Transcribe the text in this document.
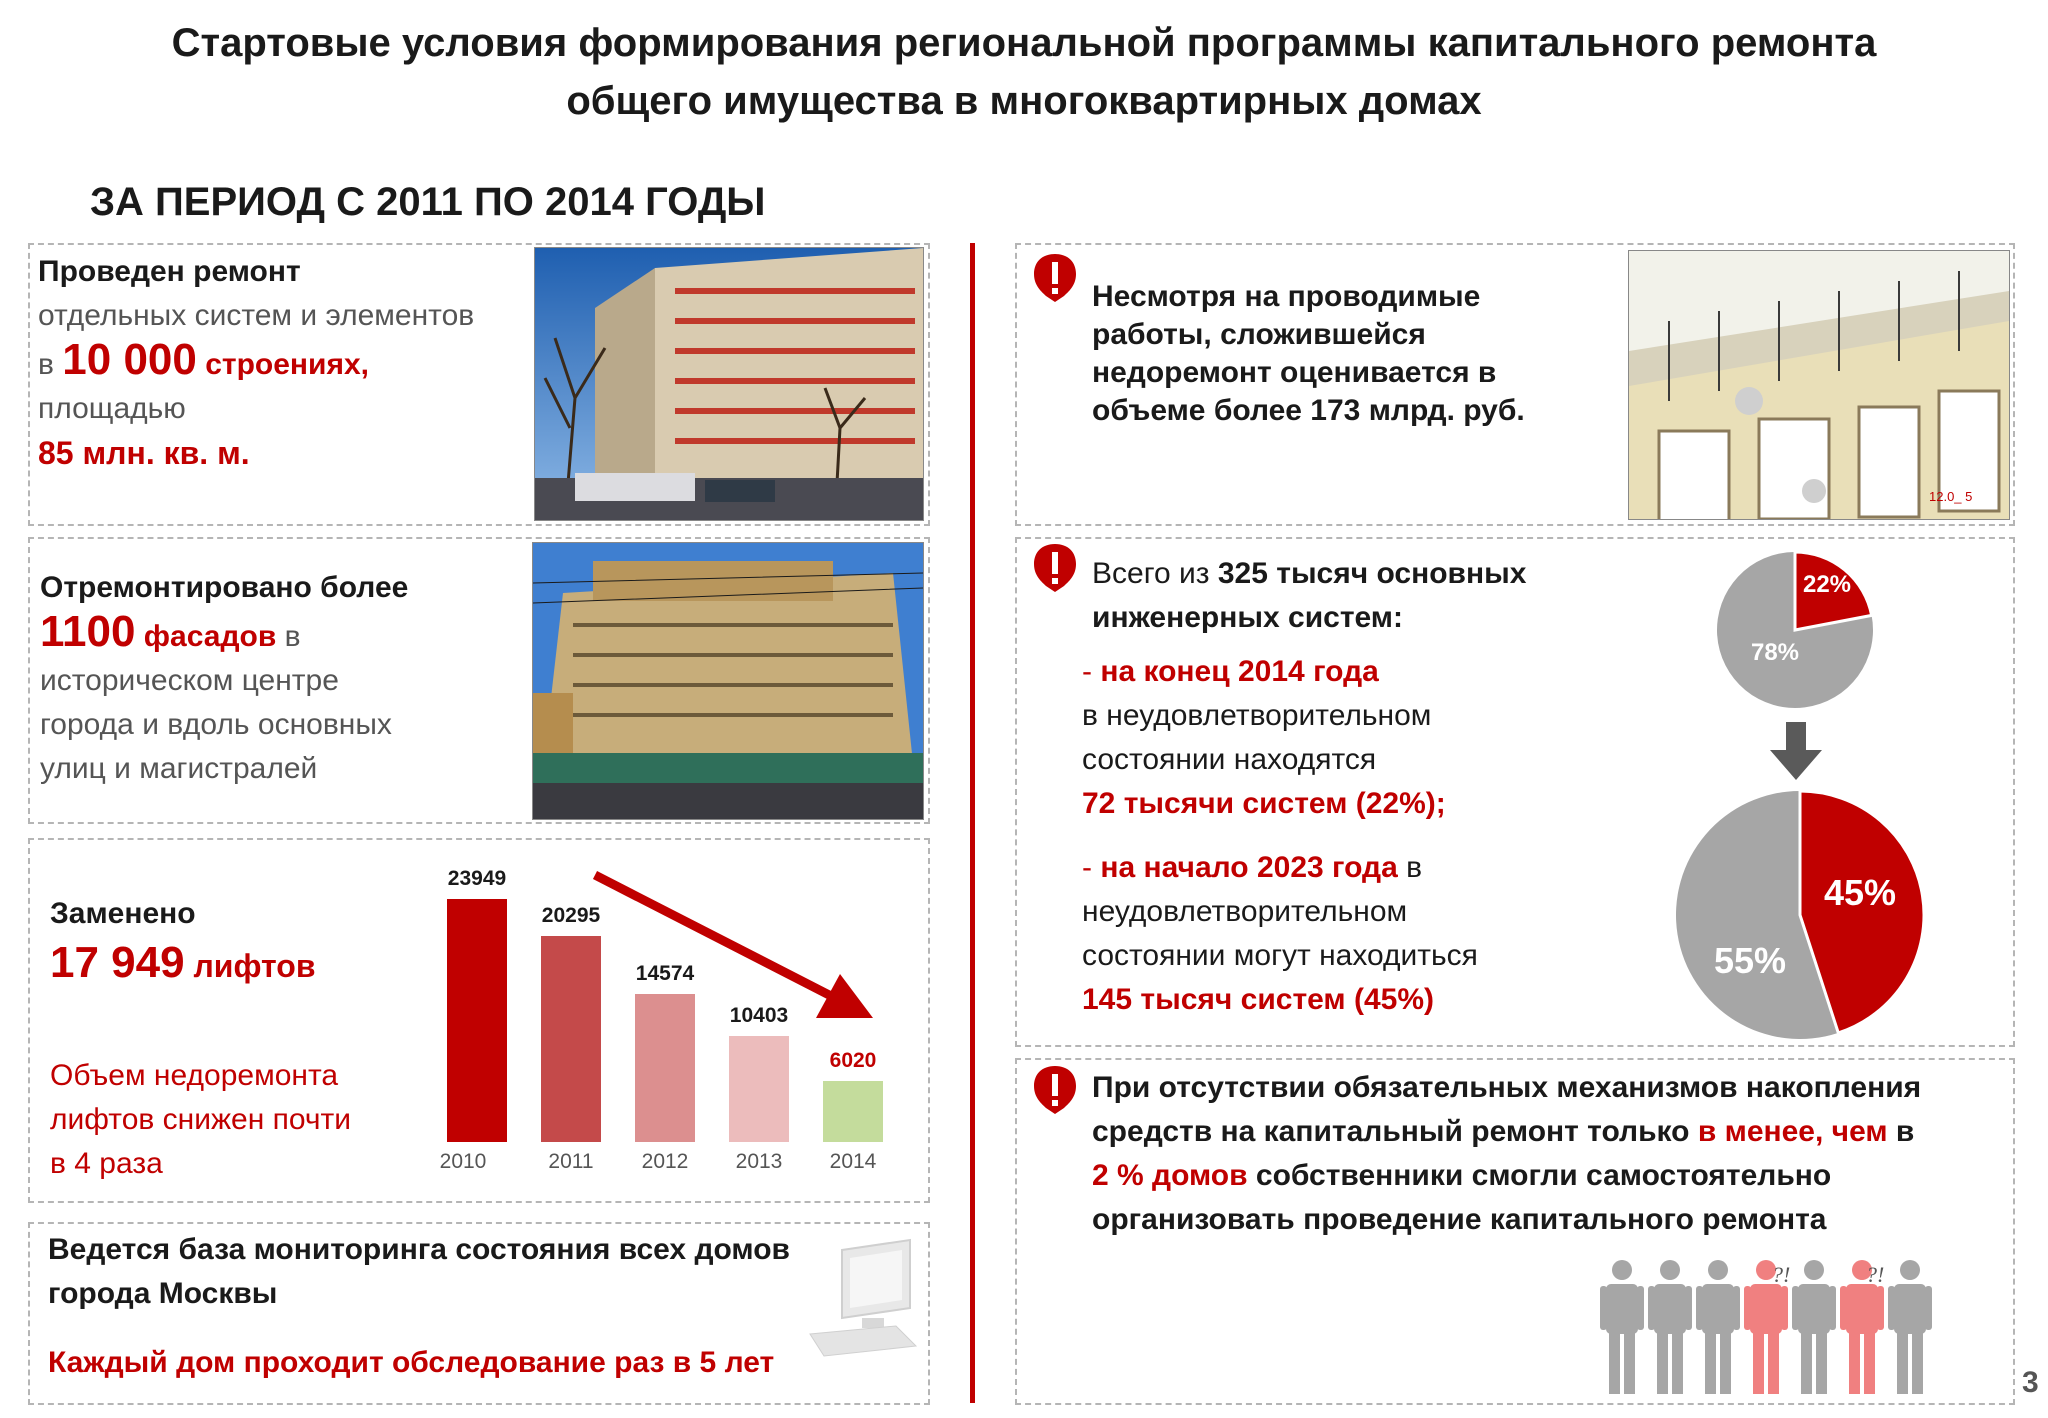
Стартовые условия формирования региональной программы капитального ремонта
общего имущества в многоквартирных домах
ЗА ПЕРИОД С 2011 ПО 2014 ГОДЫ
Проведен ремонт
отдельных систем и элементов
в 10 000 строениях,
площадью
85 млн. кв. м.
Отремонтировано более
1100 фасадов в
историческом центре
города и вдоль основных
улиц и магистралей
Заменено
17 949 лифтов
Объем недоремонта
лифтов снижен почти
в 4 раза
23949
2010
20295
2011
14574
2012
10403
2013
6020
2014
Ведется база мониторинга состояния всех домов
города Москвы
Каждый дом проходит обследование раз в 5 лет
Несмотря на проводимые
работы, сложившейся
недоремонт оценивается в
объеме более 173 млрд. руб.
12.0_ 5
Всего из 325 тысяч основных
инженерных систем:
- на конец 2014 года
в неудовлетворительном
состоянии находятся
72 тысячи систем (22%);
- на начало 2023 года в
неудовлетворительном
состоянии могут находиться
145 тысяч систем (45%)
22%
78%
45%
55%
При отсутствии обязательных механизмов накопления
средств на капитальный ремонт только в менее, чем в
2 % домов собственники смогли самостоятельно
организовать проведение капитального ремонта
?!	?!
3
